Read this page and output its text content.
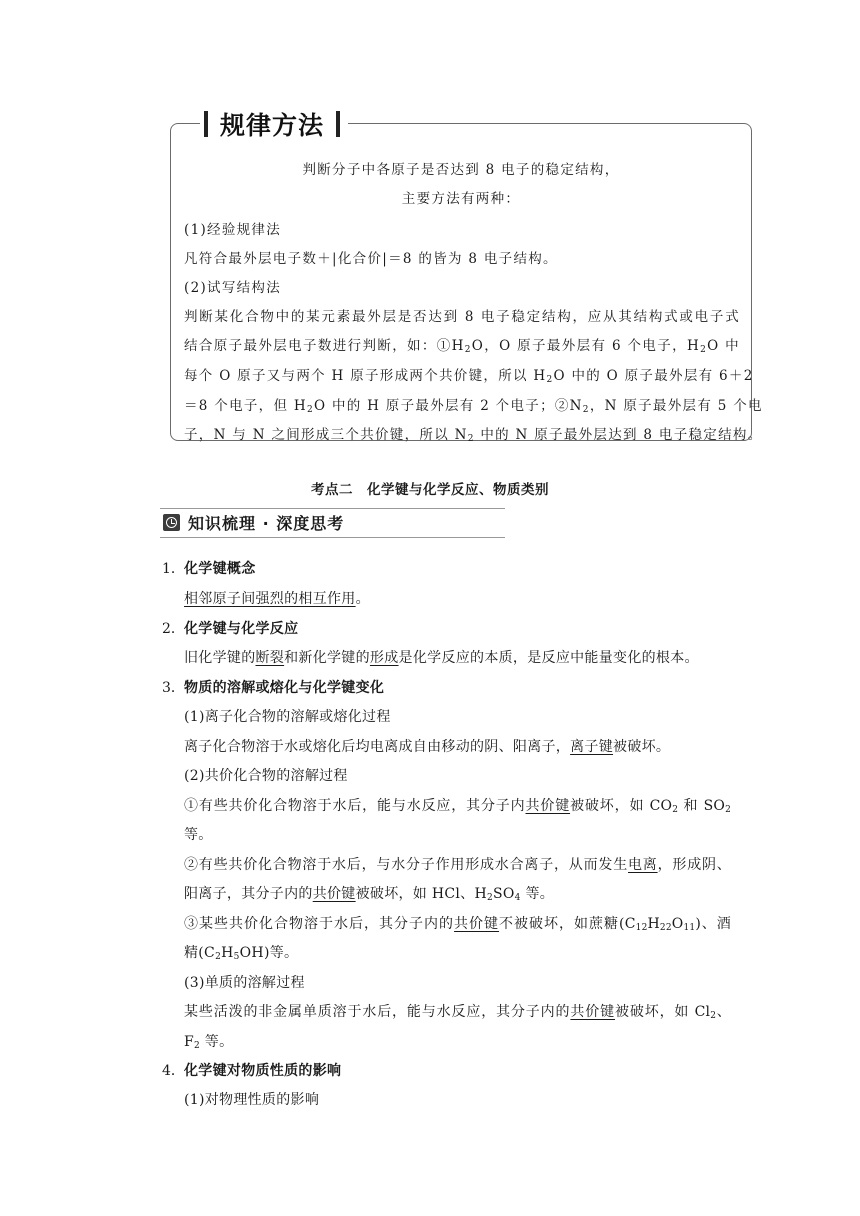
规律方法
判断分子中各原子是否达到 8 电子的稳定结构，
主要方法有两种：
(1)经验规律法
凡符合最外层电子数＋|化合价|＝8 的皆为 8 电子结构。
(2)试写结构法
判断某化合物中的某元素最外层是否达到 8 电子稳定结构，应从其结构式或电子式
结合原子最外层电子数进行判断，如：$①H_2O$，O 原子最外层有 6 个电子，$H_2O$ 中
每个 O 原子又与两个 H 原子形成两个共价键，所以 $H_2O$ 中的 O 原子最外层有 6＋2
＝8 个电子，但 $H_2O$ 中的 H 原子最外层有 2 个电子；$②N_2$，N 原子最外层有 5 个电
子，N 与 N 之间形成三个共价键，所以 $N_2$ 中的 N 原子最外层达到 8 电子稳定结构。
考点二　化学键与化学反应、物质类别
知识梳理 · 深度思考
1． 化学键概念
相邻原子间强烈的相互作用。
2． 化学键与化学反应
旧化学键的断裂和新化学键的形成是化学反应的本质，是反应中能量变化的根本。
3． 物质的溶解或熔化与化学键变化
(1)离子化合物的溶解或熔化过程
离子化合物溶于水或熔化后均电离成自由移动的阴、阳离子，离子键被破坏。
(2)共价化合物的溶解过程
①有些共价化合物溶于水后，能与水反应，其分子内共价键被破坏，如 $CO_2$ 和 $SO_2$
等。
②有些共价化合物溶于水后，与水分子作用形成水合离子，从而发生电离，形成阴、
阳离子，其分子内的共价键被破坏，如 HCl、$H_2SO_4$ 等。
③某些共价化合物溶于水后，其分子内的共价键不被破坏，如蔗糖$(C_{12}H_{22}O_{11})$、酒
精$(C_2H_5OH)$等。
(3)单质的溶解过程
某些活泼的非金属单质溶于水后，能与水反应，其分子内的共价键被破坏，如 $Cl_2$、
$F_2$ 等。
4． 化学键对物质性质的影响
(1)对物理性质的影响
